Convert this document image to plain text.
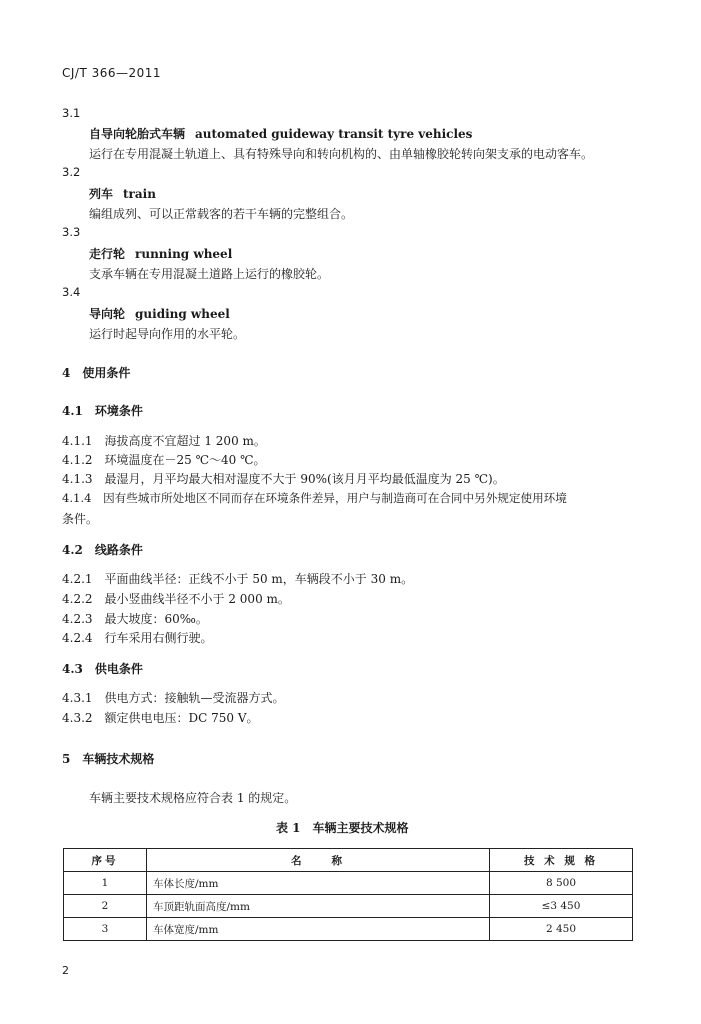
CJ/T 366—2011
3.1
自导向轮胎式车辆 automated guideway transit tyre vehicles
运行在专用混凝土轨道上、具有特殊导向和转向机构的、由单轴橡胶轮转向架支承的电动客车。
3.2
列车 train
编组成列、可以正常载客的若干车辆的完整组合。
3.3
走行轮 running wheel
支承车辆在专用混凝土道路上运行的橡胶轮。
3.4
导向轮 guiding wheel
运行时起导向作用的水平轮。
4　使用条件
4.1　环境条件
4.1.1　海拔高度不宜超过 1 200 m。
4.1.2　环境温度在－25 ℃～40 ℃。
4.1.3　最湿月，月平均最大相对湿度不大于 90%(该月月平均最低温度为 25 ℃)。
4.1.4　因有些城市所处地区不同而存在环境条件差异，用户与制造商可在合同中另外规定使用环境
条件。
4.2　线路条件
4.2.1　平面曲线半径：正线不小于 50 m，车辆段不小于 30 m。
4.2.2　最小竖曲线半径不小于 2 000 m。
4.2.3　最大坡度：60‰。
4.2.4　行车采用右侧行驶。
4.3　供电条件
4.3.1　供电方式：接触轨—受流器方式。
4.3.2　额定供电电压：DC 750 V。
5　车辆技术规格
车辆主要技术规格应符合表 1 的规定。
表 1　车辆主要技术规格
序号	名　　称	技 术 规 格
1	车体长度/mm	8 500
2	车顶距轨面高度/mm	≤3 450
3	车体宽度/mm	2 450
2
